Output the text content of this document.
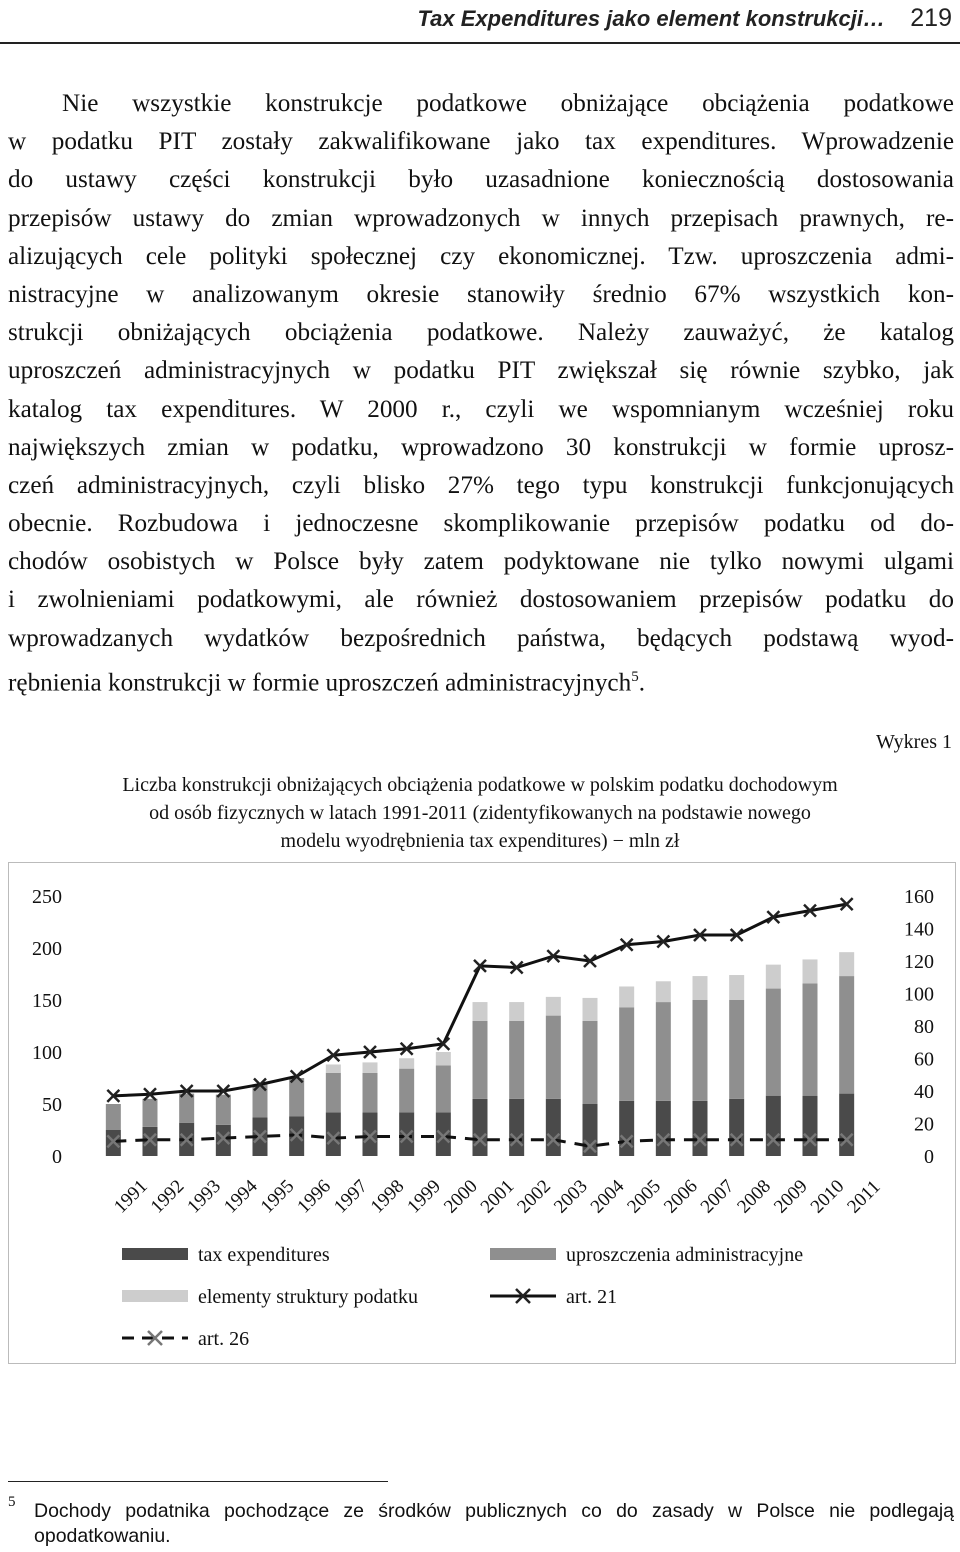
Tax Expenditures jako element konstrukcji… 219
Nie wszystkie konstrukcje podatkowe obniżające obciążenia podatkowe
w podatku PIT zostały zakwalifikowane jako tax expenditures. Wprowadzenie
do ustawy części konstrukcji było uzasadnione koniecznością dostosowania
przepisów ustawy do zmian wprowadzonych w innych przepisach prawnych, re-
alizujących cele polityki społecznej czy ekonomicznej. Tzw. uproszczenia admi-
nistracyjne w analizowanym okresie stanowiły średnio 67% wszystkich kon-
strukcji obniżających obciążenia podatkowe. Należy zauważyć, że katalog
uproszczeń administracyjnych w podatku PIT zwiększał się równie szybko, jak
katalog tax expenditures. W 2000 r., czyli we wspomnianym wcześniej roku
największych zmian w podatku, wprowadzono 30 konstrukcji w formie uprosz-
czeń administracyjnych, czyli blisko 27% tego typu konstrukcji funkcjonujących
obecnie. Rozbudowa i jednoczesne skomplikowanie przepisów podatku od do-
chodów osobistych w Polsce były zatem podyktowane nie tylko nowymi ulgami
i zwolnieniami podatkowymi, ale również dostosowaniem przepisów podatku do
wprowadzanych wydatków bezpośrednich państwa, będących podstawą wyod-
rębnienia konstrukcji w formie uproszczeń administracyjnych$^5$.
Wykres 1
Liczba konstrukcji obniżających obciążenia podatkowe w polskim podatku dochodowym
od osób fizycznych w latach 1991-2011 (zidentyfikowanych na podstawie nowego
modelu wyodrębnienia tax expenditures) − mln zł
0
50
100
150
200
250
0
20
40
60
80
100
120
140
160
1991
1992
1993
1994
1995
1996
1997
1998
1999
2000
2001
2002
2003
2004
2005
2006
2007
2008
2009
2010
2011
tax expenditures	uproszczenia administracyjne
elementy struktury podatku	art. 21
art. 26
5 Dochody podatnika pochodzące ze środków publicznych co do zasady w Polsce nie podlegają
opodatkowaniu.
